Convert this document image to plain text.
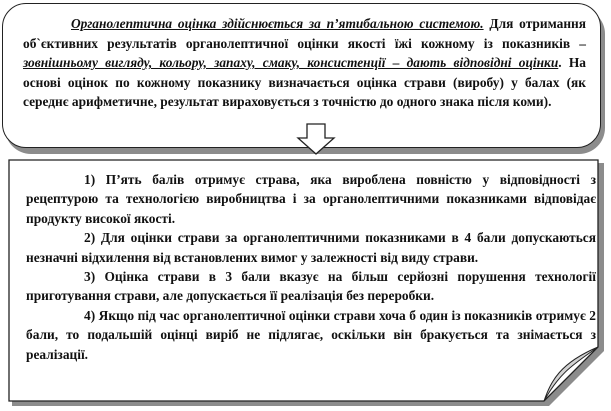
Органолептична оцінка здійснюється за п’ятибальною системою. Для отримання об`єктивних результатів органолептичної оцінки якості їжі кожному із показників – зовнішньому вигляду, кольору, запаху, смаку, консистенції – дають відповідні оцінки. На основі оцінок по кожному показнику визначається оцінка страви (виробу) у балах (як середнє арифметичне, результат вираховується з точністю до одного знака після коми).

1) П’ять балів отримує страва, яка вироблена повністю у відповідності з рецептурою та технологією виробництва і за органолептичними показниками відповідає продукту високої якості.

2) Для оцінки страви за органолептичними показниками в 4 бали допускаються незначні відхилення від встановлених вимог у залежності від виду страви.

3) Оцінка страви в 3 бали вказує на більш серйозні порушення технології приготування страви, але допускається її реалізація без переробки.

4) Якщо під час органолептичної оцінки страви хоча б один із показників отримує 2 бали, то подальшій оцінці виріб не підлягає, оскільки він бракується та знімається з реалізації.
